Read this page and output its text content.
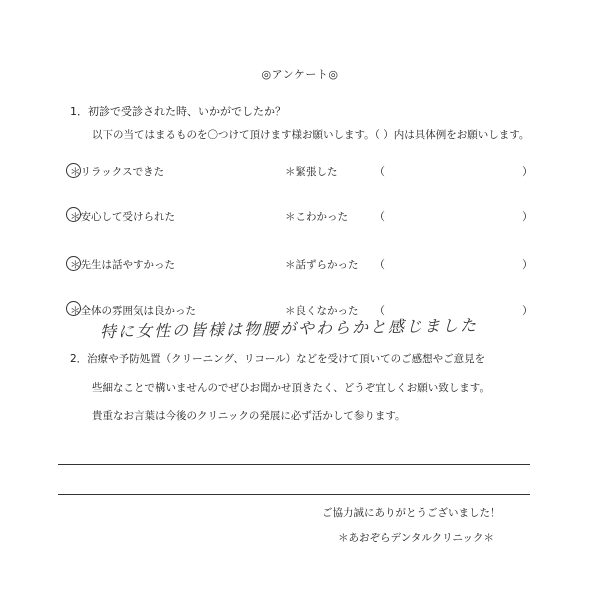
◎アンケート◎
1．初診で受診された時、いかがでしたか？
以下の当てはまるものを〇つけて頂けます様お願いします。（ ）内は具体例をお願いします。
＊リラックスできた	＊緊張した	（	）
＊安心して受けられた	＊こわかった （	）
＊先生は話やすかった	＊話ずらかった （	）
＊全体の雰囲気は良かった	＊良くなかった （	）
特に女性の皆様は物腰がやわらかと感じました
2．治療や予防処置（クリーニング、リコール）などを受けて頂いてのご感想やご意見を
些細なことで構いませんのでぜひお聞かせ頂きたく、どうぞ宜しくお願い致します。
貴重なお言葉は今後のクリニックの発展に必ず活かして参ります。
ご協力誠にありがとうございました！
＊あおぞらデンタルクリニック＊
